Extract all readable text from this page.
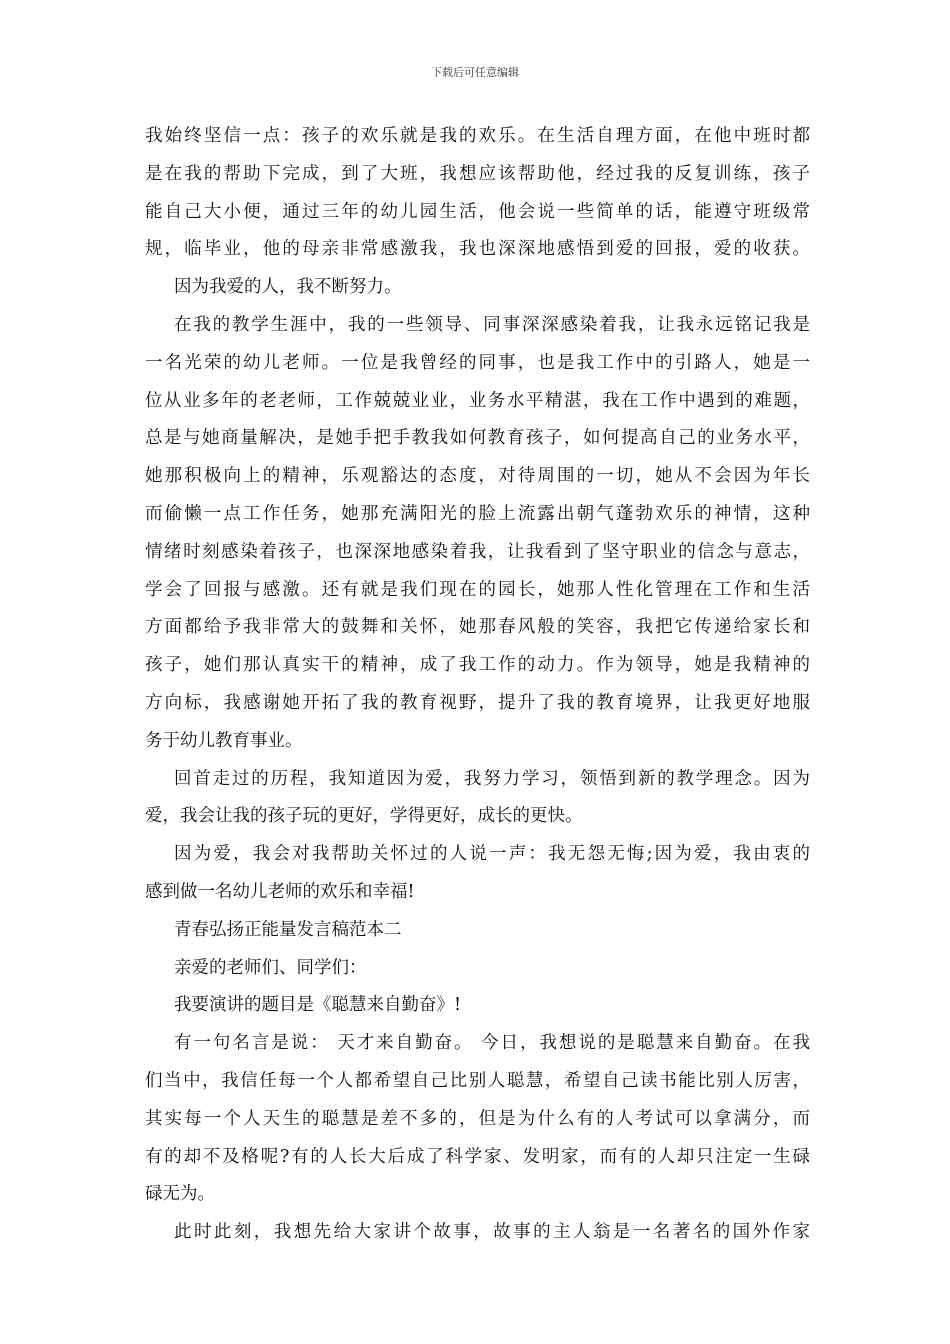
下载后可任意编辑
我始终坚信一点：孩子的欢乐就是我的欢乐。在生活自理方面，在他中班时都
是在我的帮助下完成，到了大班，我想应该帮助他，经过我的反复训练，孩子
能自己大小便，通过三年的幼儿园生活，他会说一些简单的话，能遵守班级常
规，临毕业，他的母亲非常感激我，我也深深地感悟到爱的回报，爱的收获。
因为我爱的人，我不断努力。
在我的教学生涯中，我的一些领导、同事深深感染着我，让我永远铭记我是
一名光荣的幼儿老师。一位是我曾经的同事，也是我工作中的引路人，她是一
位从业多年的老老师，工作兢兢业业，业务水平精湛，我在工作中遇到的难题，
总是与她商量解决，是她手把手教我如何教育孩子，如何提高自己的业务水平，
她那积极向上的精神，乐观豁达的态度，对待周围的一切，她从不会因为年长
而偷懒一点工作任务，她那充满阳光的脸上流露出朝气蓬勃欢乐的神情，这种
情绪时刻感染着孩子，也深深地感染着我，让我看到了坚守职业的信念与意志，
学会了回报与感激。还有就是我们现在的园长，她那人性化管理在工作和生活
方面都给予我非常大的鼓舞和关怀，她那春风般的笑容，我把它传递给家长和
孩子，她们那认真实干的精神，成了我工作的动力。作为领导，她是我精神的
方向标，我感谢她开拓了我的教育视野，提升了我的教育境界，让我更好地服
务于幼儿教育事业。
回首走过的历程，我知道因为爱，我努力学习，领悟到新的教学理念。因为
爱，我会让我的孩子玩的更好，学得更好，成长的更快。
因为爱，我会对我帮助关怀过的人说一声：我无怨无悔;因为爱，我由衷的
感到做一名幼儿老师的欢乐和幸福!
青春弘扬正能量发言稿范本二
亲爱的老师们、同学们：
我要演讲的题目是《聪慧来自勤奋》!
有一句名言是说： 天才来自勤奋。 今日，我想说的是聪慧来自勤奋。在我
们当中，我信任每一个人都希望自己比别人聪慧，希望自己读书能比别人厉害，
其实每一个人天生的聪慧是差不多的，但是为什么有的人考试可以拿满分，而
有的却不及格呢?有的人长大后成了科学家、发明家，而有的人却只注定一生碌
碌无为。
此时此刻，我想先给大家讲个故事，故事的主人翁是一名著名的国外作家
